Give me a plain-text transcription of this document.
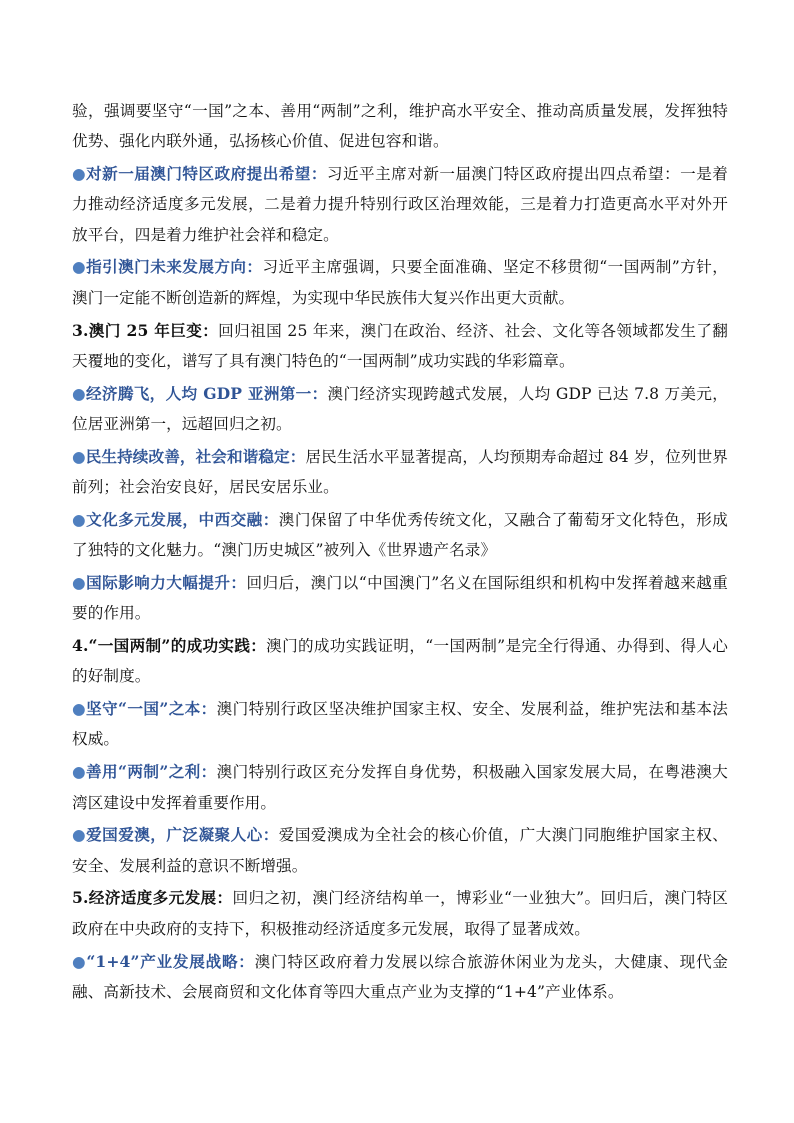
验，强调要坚守“一国”之本、善用“两制”之利，维护高水平安全、推动高质量发展，发挥独特优势、强化内联外通，弘扬核心价值、促进包容和谐。

●对新一届澳门特区政府提出希望：习近平主席对新一届澳门特区政府提出四点希望：一是着力推动经济适度多元发展，二是着力提升特别行政区治理效能，三是着力打造更高水平对外开放平台，四是着力维护社会祥和稳定。

●指引澳门未来发展方向：习近平主席强调，只要全面准确、坚定不移贯彻“一国两制”方针，澳门一定能不断创造新的辉煌，为实现中华民族伟大复兴作出更大贡献。

3.澳门 25 年巨变：回归祖国 25 年来，澳门在政治、经济、社会、文化等各领域都发生了翻天覆地的变化，谱写了具有澳门特色的“一国两制”成功实践的华彩篇章。

●经济腾飞，人均 GDP 亚洲第一：澳门经济实现跨越式发展，人均 GDP 已达 7.8 万美元，位居亚洲第一，远超回归之初。

●民生持续改善，社会和谐稳定：居民生活水平显著提高，人均预期寿命超过 84 岁，位列世界前列；社会治安良好，居民安居乐业。

●文化多元发展，中西交融：澳门保留了中华优秀传统文化，又融合了葡萄牙文化特色，形成了独特的文化魅力。“澳门历史城区”被列入《世界遗产名录》

●国际影响力大幅提升：回归后，澳门以“中国澳门”名义在国际组织和机构中发挥着越来越重要的作用。

4.“一国两制”的成功实践：澳门的成功实践证明，“一国两制”是完全行得通、办得到、得人心的好制度。

●坚守“一国”之本：澳门特别行政区坚决维护国家主权、安全、发展利益，维护宪法和基本法权威。

●善用“两制”之利：澳门特别行政区充分发挥自身优势，积极融入国家发展大局，在粤港澳大湾区建设中发挥着重要作用。

●爱国爱澳，广泛凝聚人心：爱国爱澳成为全社会的核心价值，广大澳门同胞维护国家主权、安全、发展利益的意识不断增强。

5.经济适度多元发展：回归之初，澳门经济结构单一，博彩业“一业独大”。回归后，澳门特区政府在中央政府的支持下，积极推动经济适度多元发展，取得了显著成效。

●“1+4”产业发展战略：澳门特区政府着力发展以综合旅游休闲业为龙头，大健康、现代金融、高新技术、会展商贸和文化体育等四大重点产业为支撑的“1+4”产业体系。
